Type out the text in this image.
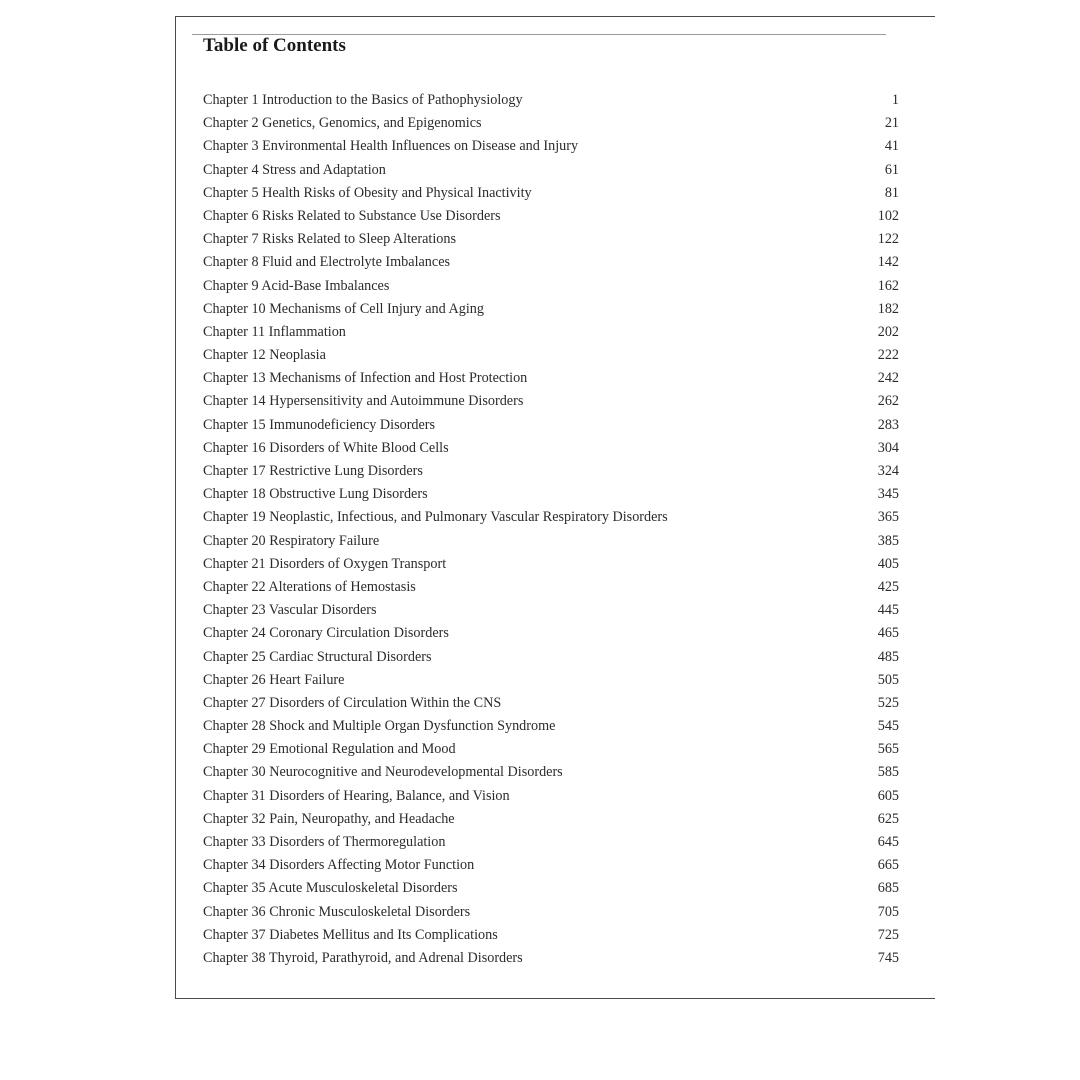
Table of Contents
Chapter 1 Introduction to the Basics of Pathophysiology	1
Chapter 2 Genetics, Genomics, and Epigenomics	21
Chapter 3 Environmental Health Influences on Disease and Injury	41
Chapter 4 Stress and Adaptation	61
Chapter 5 Health Risks of Obesity and Physical Inactivity	81
Chapter 6 Risks Related to Substance Use Disorders	102
Chapter 7 Risks Related to Sleep Alterations	122
Chapter 8 Fluid and Electrolyte Imbalances	142
Chapter 9 Acid-Base Imbalances	162
Chapter 10 Mechanisms of Cell Injury and Aging	182
Chapter 11 Inflammation	202
Chapter 12 Neoplasia	222
Chapter 13 Mechanisms of Infection and Host Protection	242
Chapter 14 Hypersensitivity and Autoimmune Disorders	262
Chapter 15 Immunodeficiency Disorders	283
Chapter 16 Disorders of White Blood Cells	304
Chapter 17 Restrictive Lung Disorders	324
Chapter 18 Obstructive Lung Disorders	345
Chapter 19 Neoplastic, Infectious, and Pulmonary Vascular Respiratory Disorders	365
Chapter 20 Respiratory Failure	385
Chapter 21 Disorders of Oxygen Transport	405
Chapter 22 Alterations of Hemostasis	425
Chapter 23 Vascular Disorders	445
Chapter 24 Coronary Circulation Disorders	465
Chapter 25 Cardiac Structural Disorders	485
Chapter 26 Heart Failure	505
Chapter 27 Disorders of Circulation Within the CNS	525
Chapter 28 Shock and Multiple Organ Dysfunction Syndrome	545
Chapter 29 Emotional Regulation and Mood	565
Chapter 30 Neurocognitive and Neurodevelopmental Disorders	585
Chapter 31 Disorders of Hearing, Balance, and Vision	605
Chapter 32 Pain, Neuropathy, and Headache	625
Chapter 33 Disorders of Thermoregulation	645
Chapter 34 Disorders Affecting Motor Function	665
Chapter 35 Acute Musculoskeletal Disorders	685
Chapter 36 Chronic Musculoskeletal Disorders	705
Chapter 37 Diabetes Mellitus and Its Complications	725
Chapter 38 Thyroid, Parathyroid, and Adrenal Disorders	745
